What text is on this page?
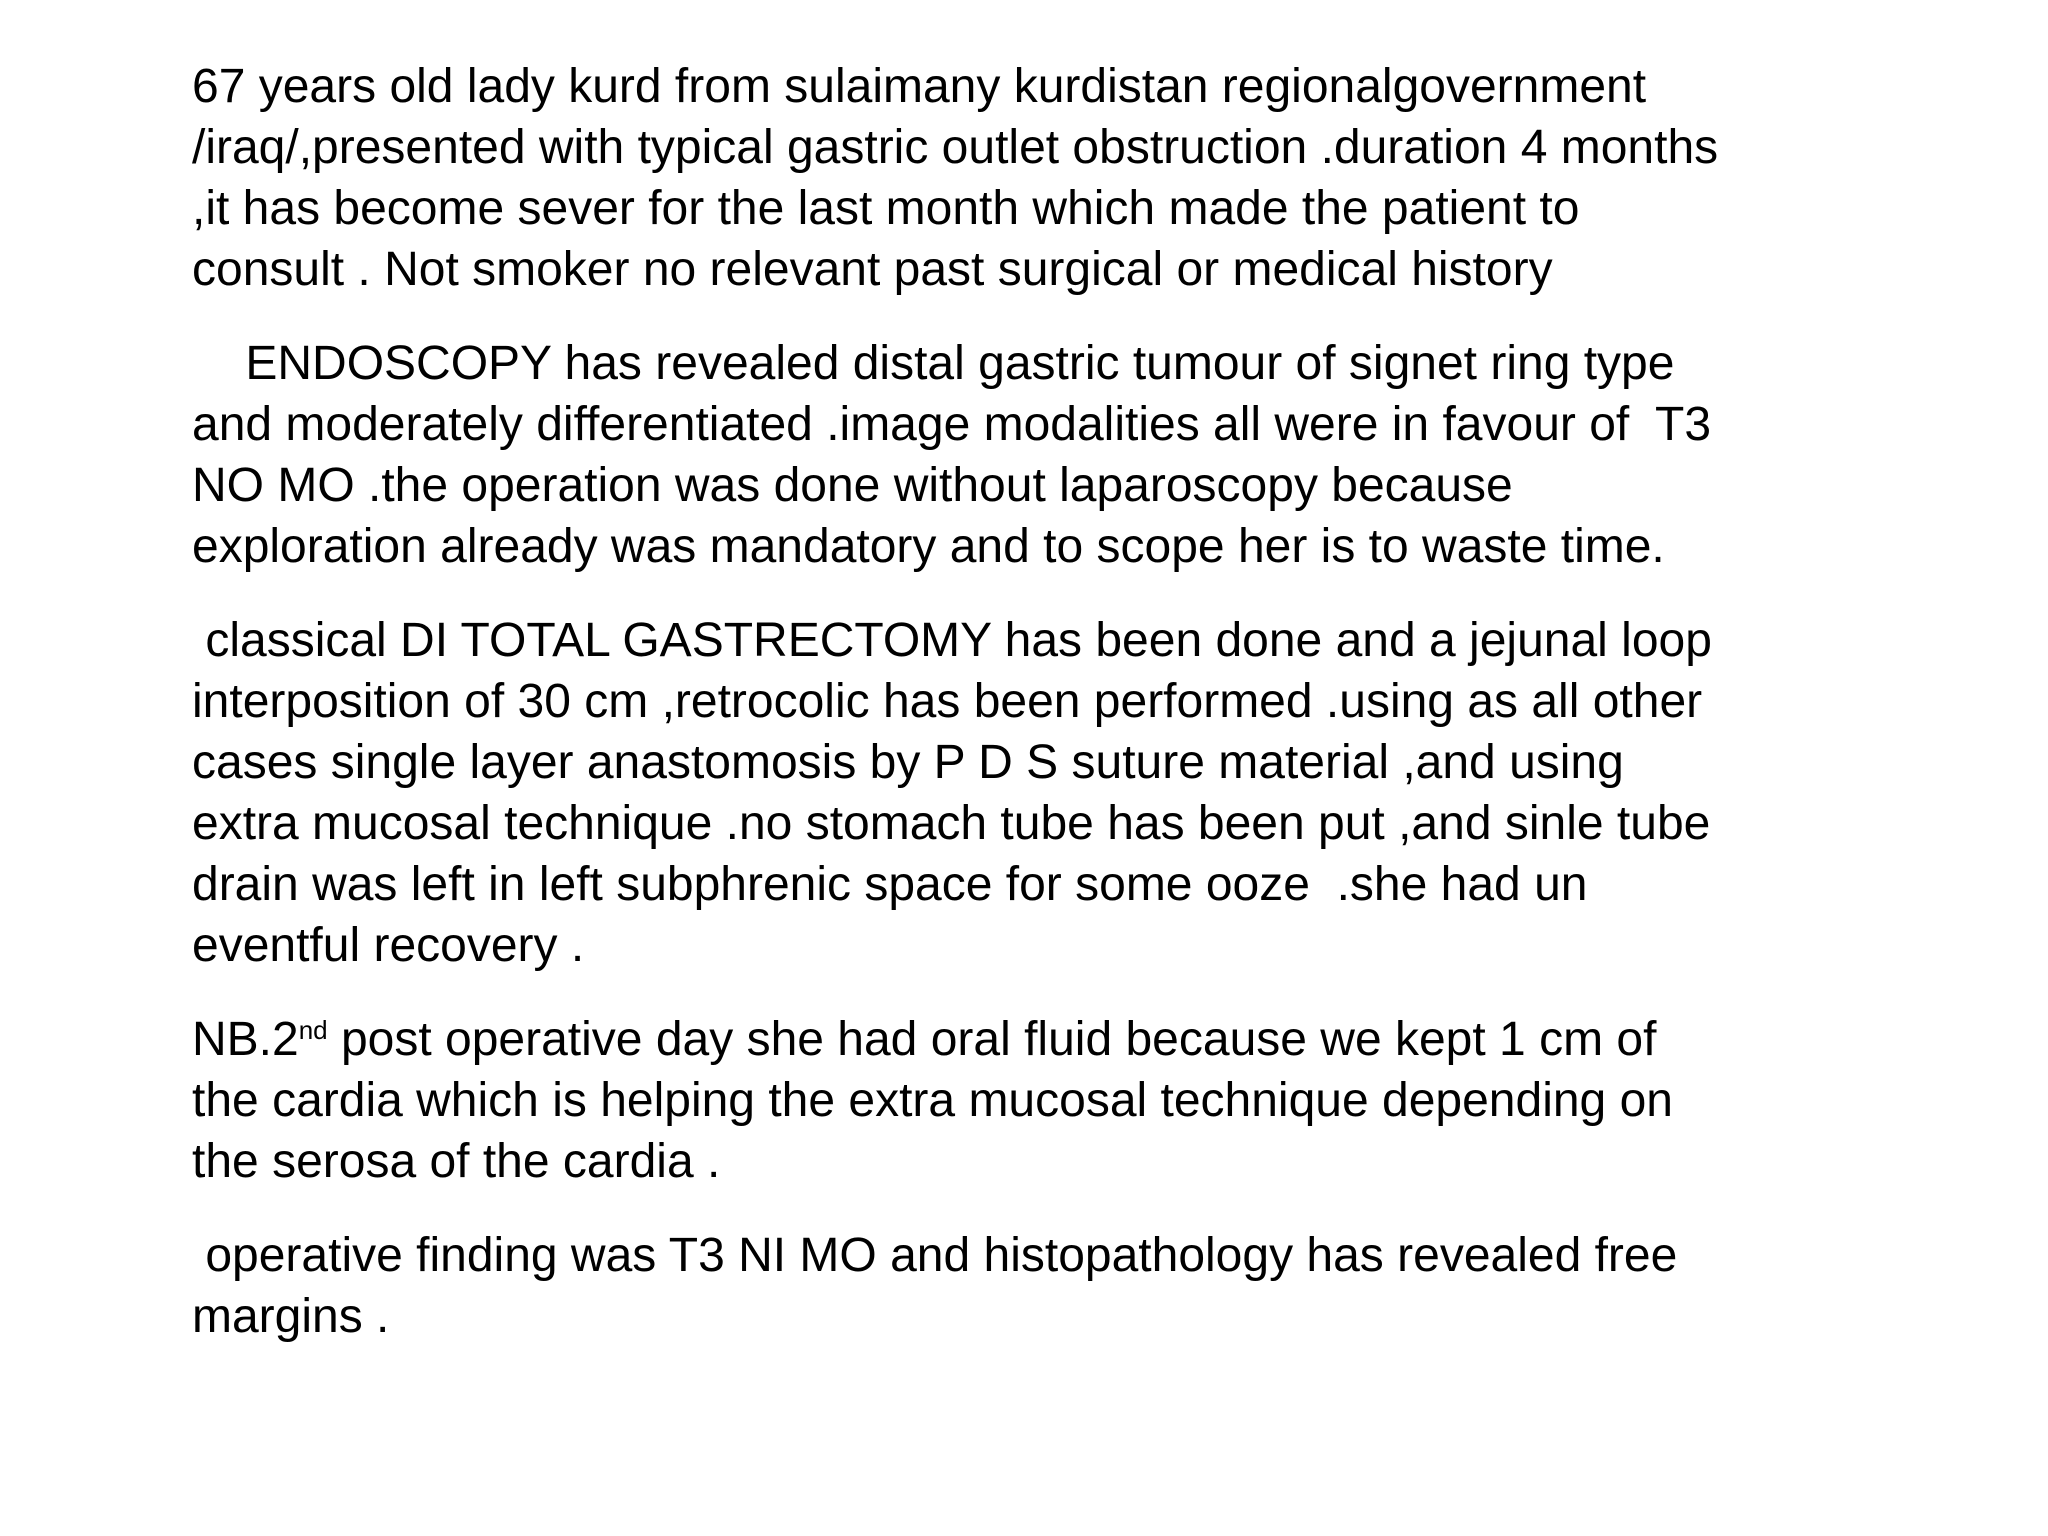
67 years old lady kurd from sulaimany kurdistan regionalgovernment
/iraq/,presented with typical gastric outlet obstruction .duration 4 months
,it has become sever for the last month which made the patient to
consult . Not smoker no relevant past surgical or medical history

ENDOSCOPY has revealed distal gastric tumour of signet ring type
and moderately differentiated .image modalities all were in favour of  T3
NO MO .the operation was done without laparoscopy because
exploration already was mandatory and to scope her is to waste time.

classical DI TOTAL GASTRECTOMY has been done and a jejunal loop
interposition of 30 cm ,retrocolic has been performed .using as all other
cases single layer anastomosis by P D S suture material ,and using
extra mucosal technique .no stomach tube has been put ,and sinle tube
drain was left in left subphrenic space for some ooze  .she had un
eventful recovery .

NB.2nd post operative day she had oral fluid because we kept 1 cm of
the cardia which is helping the extra mucosal technique depending on
the serosa of the cardia .

operative finding was T3 NI MO and histopathology has revealed free
margins .
